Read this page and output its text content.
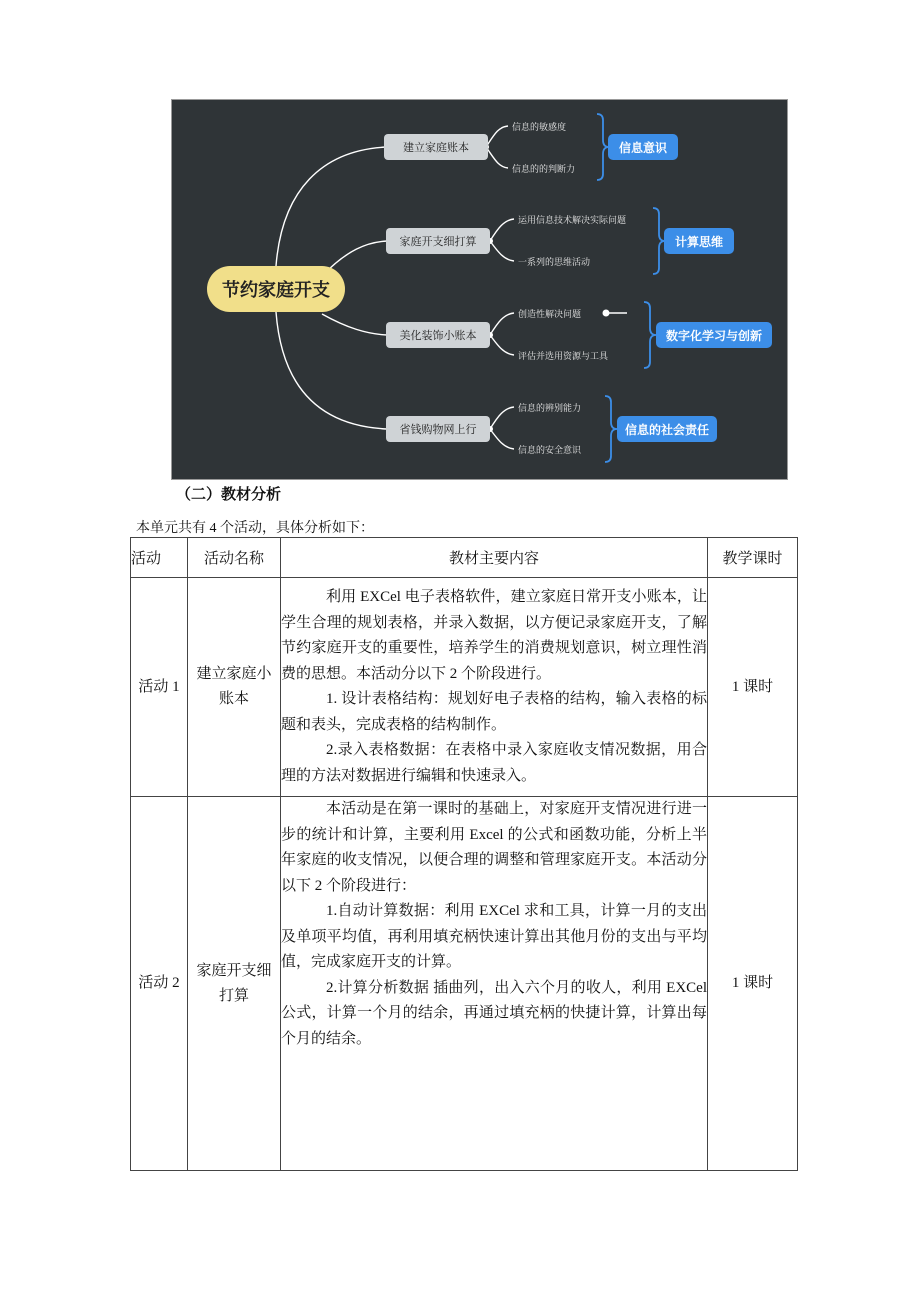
节约家庭开支
建立家庭账本
家庭开支细打算
美化装饰小账本
省钱购物网上行
信息的敏感度
信息的的判断力
运用信息技术解决实际问题
一系列的思维活动
创造性解决问题
评估并选用资源与工具
信息的辨别能力
信息的安全意识
信息意识
计算思维
数字化学习与创新
信息的社会责任
（二）教材分析
本单元共有 4 个活动，具体分析如下：
活动	活动名称	教材主要内容	教学课时
活动 1	建立家庭小账本	利用 EXCel 电子表格软件，建立家庭日常开支小账本，让学生合理的规划表格，并录入数据，以方便记录家庭开支，了解节约家庭开支的重要性，培养学生的消费规划意识，树立理性消费的思想。本活动分以下 2 个阶段进行。

1. 设计表格结构：规划好电子表格的结构，输入表格的标题和表头，完成表格的结构制作。

2.录入表格数据：在表格中录入家庭收支情况数据，用合理的方法对数据进行编辑和快速录入。	1 课时
活动 2	家庭开支细打算	本活动是在第一课时的基础上，对家庭开支情况进行进一步的统计和计算，主要利用 Excel 的公式和函数功能，分析上半年家庭的收支情况，以便合理的调整和管理家庭开支。本活动分以下 2 个阶段进行：

1.自动计算数据：利用 EXCel 求和工具，计算一月的支出及单项平均值，再利用填充柄快速计算出其他月份的支出与平均值，完成家庭开支的计算。

2.计算分析数据 插曲列，出入六个月的收人，利用 EXCel 公式，计算一个月的结余，再通过填充柄的快捷计算，计算出每个月的结余。	1 课时
